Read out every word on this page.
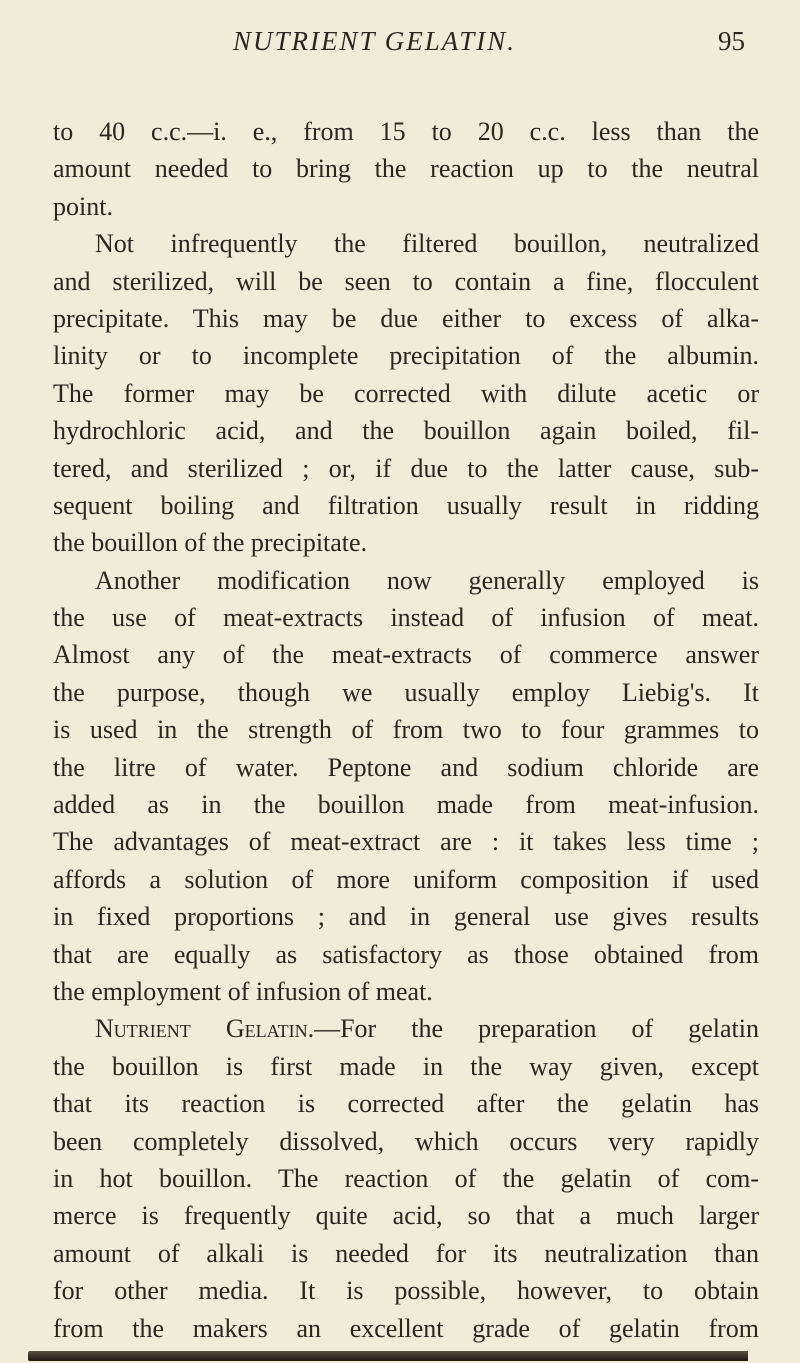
NUTRIENT GELATIN.	95
to 40 c.c.—i. e., from 15 to 20 c.c. less than the
amount needed to bring the reaction up to the neutral
point.
Not infrequently the filtered bouillon, neutralized
and sterilized, will be seen to contain a fine, flocculent
precipitate. This may be due either to excess of alka-
linity or to incomplete precipitation of the albumin.
The former may be corrected with dilute acetic or
hydrochloric acid, and the bouillon again boiled, fil-
tered, and sterilized ; or, if due to the latter cause, sub-
sequent boiling and filtration usually result in ridding
the bouillon of the precipitate.
Another modification now generally employed is
the use of meat-extracts instead of infusion of meat.
Almost any of the meat-extracts of commerce answer
the purpose, though we usually employ Liebig's. It
is used in the strength of from two to four grammes to
the litre of water. Peptone and sodium chloride are
added as in the bouillon made from meat-infusion.
The advantages of meat-extract are : it takes less time ;
affords a solution of more uniform composition if used
in fixed proportions ; and in general use gives results
that are equally as satisfactory as those obtained from
the employment of infusion of meat.
Nutrient Gelatin.—For the preparation of gelatin
the bouillon is first made in the way given, except
that its reaction is corrected after the gelatin has
been completely dissolved, which occurs very rapidly
in hot bouillon. The reaction of the gelatin of com-
merce is frequently quite acid, so that a much larger
amount of alkali is needed for its neutralization than
for other media. It is possible, however, to obtain
from the makers an excellent grade of gelatin from
